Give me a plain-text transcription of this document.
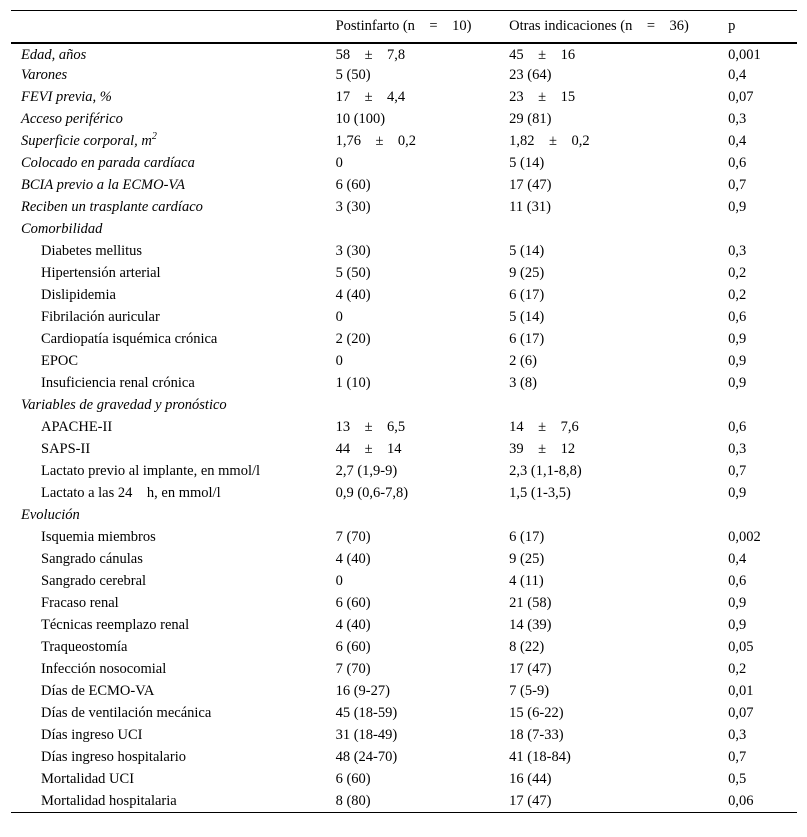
	Postinfarto (n  =  10)	Otras indicaciones (n  =  36)	p
Edad, años	58  ±  7,8	45  ±  16	0,001
Varones	5 (50)	23 (64)	0,4
FEVI previa, %	17  ±  4,4	23  ±  15	0,07
Acceso periférico	10 (100)	29 (81)	0,3
Superficie corporal, $m^2$	1,76  ±  0,2	1,82  ±  0,2	0,4
Colocado en parada cardíaca	0	5 (14)	0,6
BCIA previo a la ECMO-VA	6 (60)	17 (47)	0,7
Reciben un trasplante cardíaco	3 (30)	11 (31)	0,9
Comorbilidad			
Diabetes mellitus	3 (30)	5 (14)	0,3
Hipertensión arterial	5 (50)	9 (25)	0,2
Dislipidemia	4 (40)	6 (17)	0,2
Fibrilación auricular	0	5 (14)	0,6
Cardiopatía isquémica crónica	2 (20)	6 (17)	0,9
EPOC	0	2 (6)	0,9
Insuficiencia renal crónica	1 (10)	3 (8)	0,9
Variables de gravedad y pronóstico			
APACHE-II	13  ±  6,5	14  ±  7,6	0,6
SAPS-II	44  ±  14	39  ±  12	0,3
Lactato previo al implante, en mmol/l	2,7 (1,9-9)	2,3 (1,1-8,8)	0,7
Lactato a las 24  h, en mmol/l	0,9 (0,6-7,8)	1,5 (1-3,5)	0,9
Evolución			
Isquemia miembros	7 (70)	6 (17)	0,002
Sangrado cánulas	4 (40)	9 (25)	0,4
Sangrado cerebral	0	4 (11)	0,6
Fracaso renal	6 (60)	21 (58)	0,9
Técnicas reemplazo renal	4 (40)	14 (39)	0,9
Traqueostomía	6 (60)	8 (22)	0,05
Infección nosocomial	7 (70)	17 (47)	0,2
Días de ECMO-VA	16 (9-27)	7 (5-9)	0,01
Días de ventilación mecánica	45 (18-59)	15 (6-22)	0,07
Días ingreso UCI	31 (18-49)	18 (7-33)	0,3
Días ingreso hospitalario	48 (24-70)	41 (18-84)	0,7
Mortalidad UCI	6 (60)	16 (44)	0,5
Mortalidad hospitalaria	8 (80)	17 (47)	0,06
